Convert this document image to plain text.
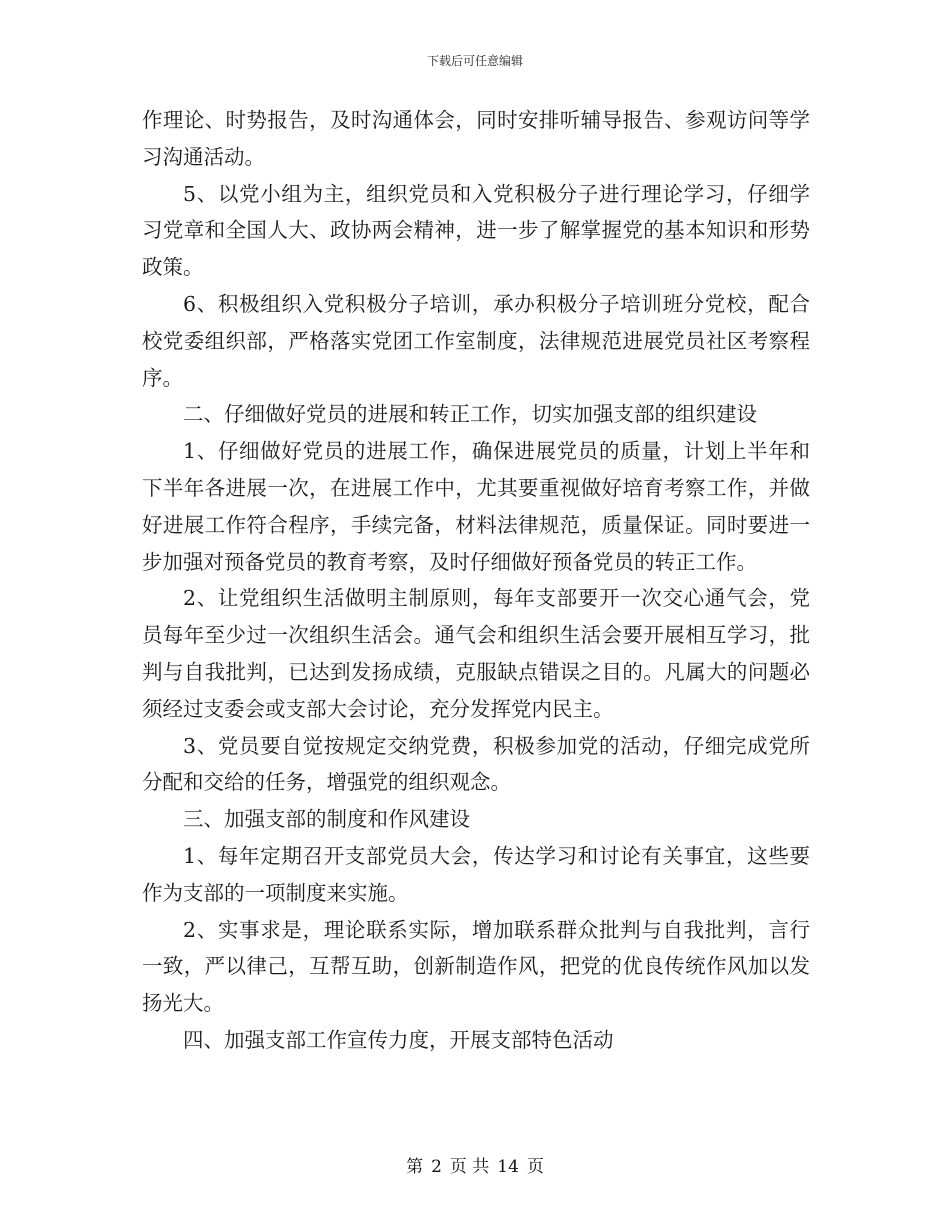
下载后可任意编辑

作理论、时势报告，及时沟通体会，同时安排听辅导报告、参观访问等学习沟通活动。

5、以党小组为主，组织党员和入党积极分子进行理论学习，仔细学习党章和全国人大、政协两会精神，进一步了解掌握党的基本知识和形势政策。

6、积极组织入党积极分子培训，承办积极分子培训班分党校，配合校党委组织部，严格落实党团工作室制度，法律规范进展党员社区考察程序。

二、仔细做好党员的进展和转正工作，切实加强支部的组织建设

1、仔细做好党员的进展工作，确保进展党员的质量，计划上半年和下半年各进展一次，在进展工作中，尤其要重视做好培育考察工作，并做好进展工作符合程序，手续完备，材料法律规范，质量保证。同时要进一步加强对预备党员的教育考察，及时仔细做好预备党员的转正工作。

2、让党组织生活做明主制原则，每年支部要开一次交心通气会，党员每年至少过一次组织生活会。通气会和组织生活会要开展相互学习，批判与自我批判，已达到发扬成绩，克服缺点错误之目的。凡属大的问题必须经过支委会或支部大会讨论，充分发挥党内民主。

3、党员要自觉按规定交纳党费，积极参加党的活动，仔细完成党所分配和交给的任务，增强党的组织观念。

三、加强支部的制度和作风建设

1、每年定期召开支部党员大会，传达学习和讨论有关事宜，这些要作为支部的一项制度来实施。

2、实事求是，理论联系实际，增加联系群众批判与自我批判，言行一致，严以律己，互帮互助，创新制造作风，把党的优良传统作风加以发扬光大。

四、加强支部工作宣传力度，开展支部特色活动

第 2 页 共 14 页
